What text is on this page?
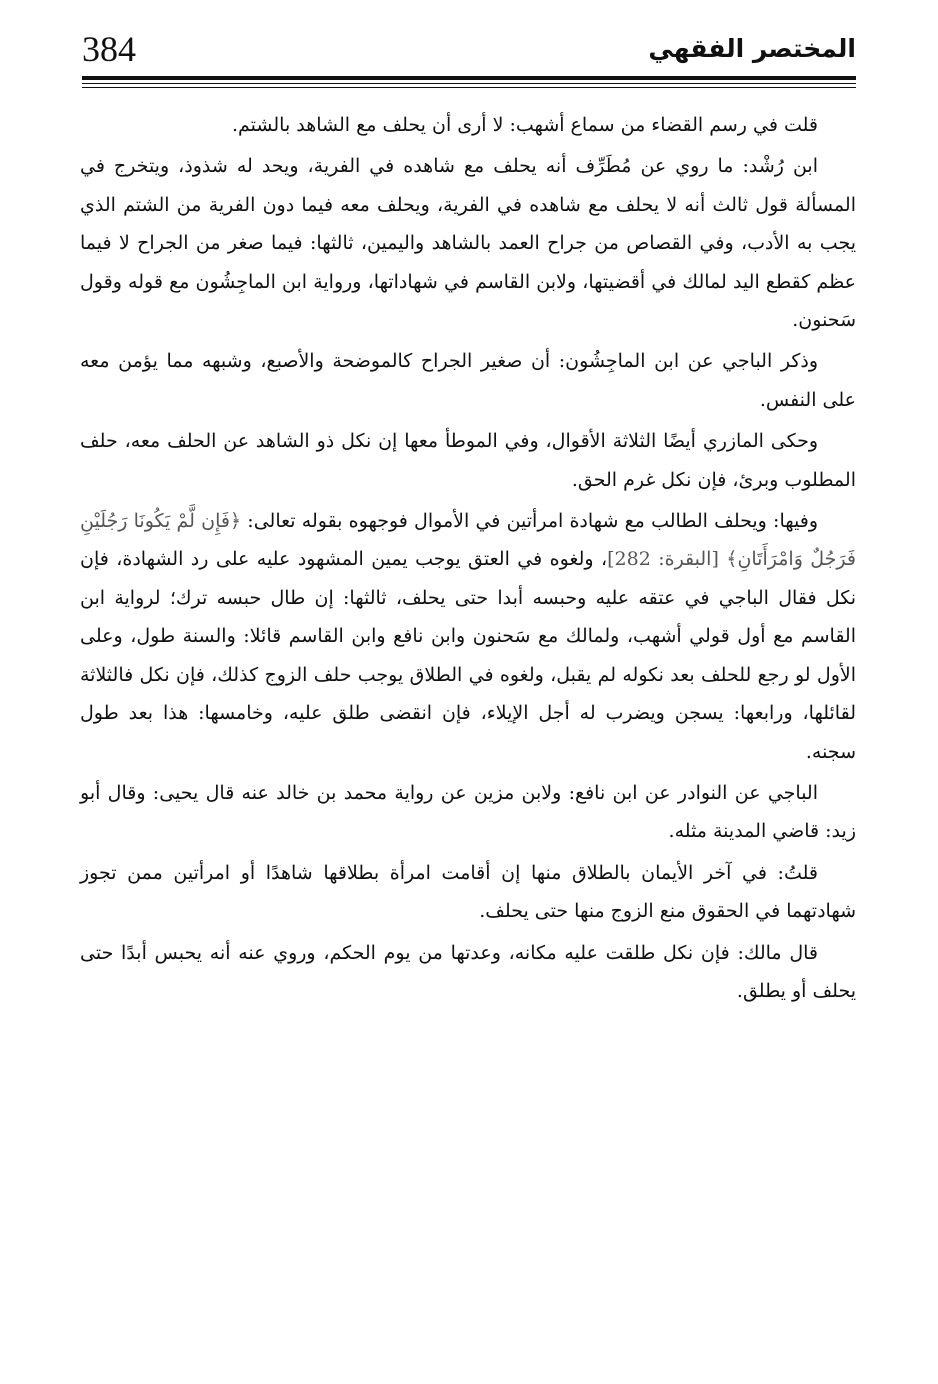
384	المختصر الفقهي

قلت في رسم القضاء من سماع أشهب: لا أرى أن يحلف مع الشاهد بالشتم.

ابن رُشْد: ما روي عن مُطَرِّف أنه يحلف مع شاهده في الفرية، ويحد له شذوذ، ويتخرج في المسألة قول ثالث أنه لا يحلف مع شاهده في الفرية، ويحلف معه فيما دون الفرية من الشتم الذي يجب به الأدب، وفي القصاص من جراح العمد بالشاهد واليمين، ثالثها: فيما صغر من الجراح لا فيما عظم كقطع اليد لمالك في أقضيتها، ولابن القاسم في شهاداتها، ورواية ابن الماجِشُون مع قوله وقول سَحنون.

وذكر الباجي عن ابن الماجِشُون: أن صغير الجراح كالموضحة والأصبع، وشبهه مما يؤمن معه على النفس.

وحكى المازري أيضًا الثلاثة الأقوال، وفي الموطأ معها إن نكل ذو الشاهد عن الحلف معه، حلف المطلوب وبرئ، فإن نكل غرم الحق.

وفيها: ويحلف الطالب مع شهادة امرأتين في الأموال فوجهوه بقوله تعالى: ﴿فَإِن لَّمْ يَكُونَا رَجُلَيْنِ فَرَجُلٌ وَامْرَأَتَانِ﴾ [البقرة: 282]، ولغوه في العتق يوجب يمين المشهود عليه على رد الشهادة، فإن نكل فقال الباجي في عتقه عليه وحبسه أبدا حتى يحلف، ثالثها: إن طال حبسه ترك؛ لرواية ابن القاسم مع أول قولي أشهب، ولمالك مع سَحنون وابن نافع وابن القاسم قائلا: والسنة طول، وعلى الأول لو رجع للحلف بعد نكوله لم يقبل، ولغوه في الطلاق يوجب حلف الزوج كذلك، فإن نكل فالثلاثة لقائلها، ورابعها: يسجن ويضرب له أجل الإيلاء، فإن انقضى طلق عليه، وخامسها: هذا بعد طول سجنه.

الباجي عن النوادر عن ابن نافع: ولابن مزين عن رواية محمد بن خالد عنه قال يحيى: وقال أبو زيد: قاضي المدينة مثله.

قلتُ: في آخر الأيمان بالطلاق منها إن أقامت امرأة بطلاقها شاهدًا أو امرأتين ممن تجوز شهادتهما في الحقوق منع الزوج منها حتى يحلف.

قال مالك: فإن نكل طلقت عليه مكانه، وعدتها من يوم الحكم، وروي عنه أنه يحبس أبدًا حتى يحلف أو يطلق.
